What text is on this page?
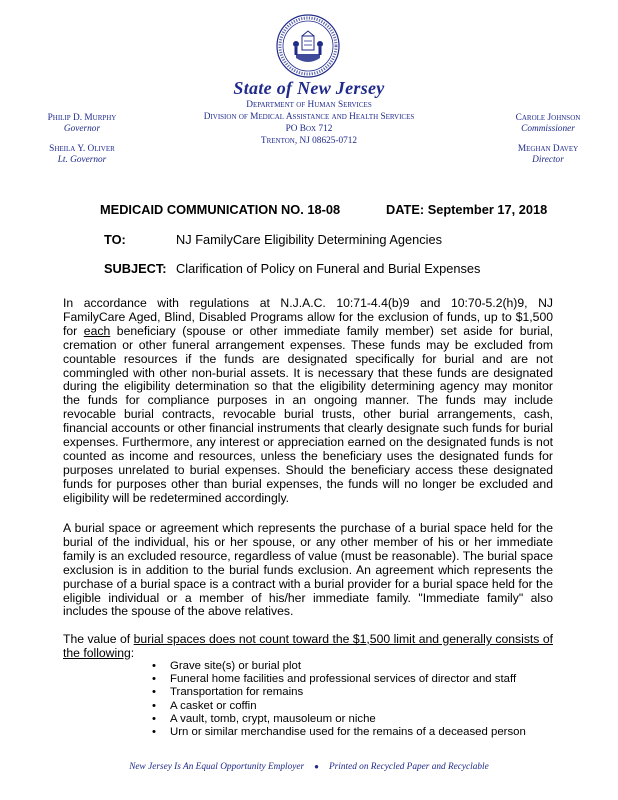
State of New Jersey
Department of Human Services
Division of Medical Assistance and Health Services
PO Box 712
Trenton, NJ 08625-0712
Philip D. Murphy
Governor
Sheila Y. Oliver
Lt. Governor
Carole Johnson
Commissioner
Meghan Davey
Director
MEDICAID COMMUNICATION NO. 18-08	DATE: September 17, 2018
TO:	NJ FamilyCare Eligibility Determining Agencies
SUBJECT: Clarification of Policy on Funeral and Burial Expenses
In accordance with regulations at N.J.A.C. 10:71-4.4(b)9 and 10:70-5.2(h)9, NJ FamilyCare Aged, Blind, Disabled Programs allow for the exclusion of funds, up to $1,500 for each beneficiary (spouse or other immediate family member) set aside for burial, cremation or other funeral arrangement expenses. These funds may be excluded from countable resources if the funds are designated specifically for burial and are not commingled with other non-burial assets. It is necessary that these funds are designated during the eligibility determination so that the eligibility determining agency may monitor the funds for compliance purposes in an ongoing manner. The funds may include revocable burial contracts, revocable burial trusts, other burial arrangements, cash, financial accounts or other financial instruments that clearly designate such funds for burial expenses. Furthermore, any interest or appreciation earned on the designated funds is not counted as income and resources, unless the beneficiary uses the designated funds for purposes unrelated to burial expenses. Should the beneficiary access these designated funds for purposes other than burial expenses, the funds will no longer be excluded and eligibility will be redetermined accordingly.
A burial space or agreement which represents the purchase of a burial space held for the burial of the individual, his or her spouse, or any other member of his or her immediate family is an excluded resource, regardless of value (must be reasonable). The burial space exclusion is in addition to the burial funds exclusion. An agreement which represents the purchase of a burial space is a contract with a burial provider for a burial space held for the eligible individual or a member of his/her immediate family. "Immediate family" also includes the spouse of the above relatives.
The value of burial spaces does not count toward the $1,500 limit and generally consists of the following:
• Grave site(s) or burial plot
• Funeral home facilities and professional services of director and staff
• Transportation for remains
• A casket or coffin
• A vault, tomb, crypt, mausoleum or niche
• Urn or similar merchandise used for the remains of a deceased person
New Jersey Is An Equal Opportunity Employer ● Printed on Recycled Paper and Recyclable
